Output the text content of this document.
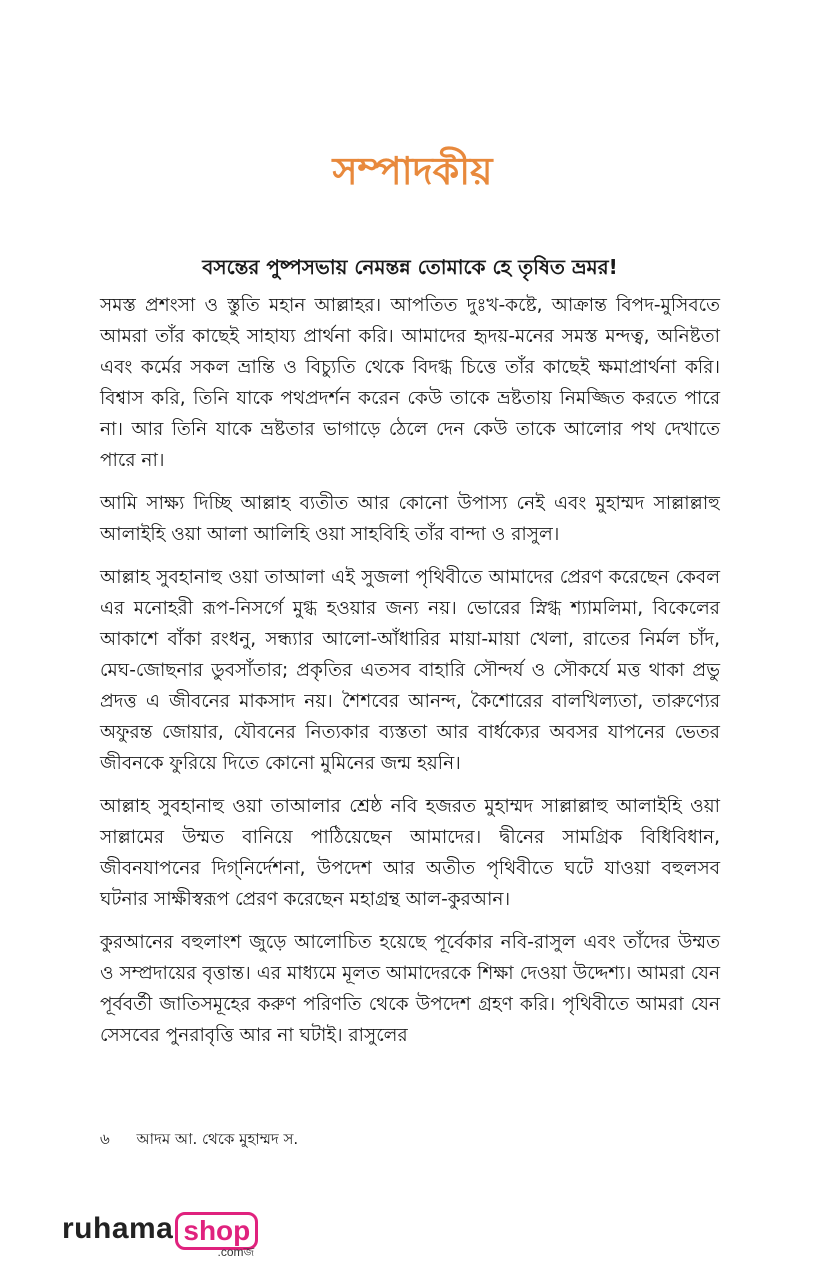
সম্পাদকীয়
বসন্তের পুষ্পসভায় নেমন্তন্ন তোমাকে হে তৃষিত ভ্রমর!

সমস্ত প্রশংসা ও স্তুতি মহান আল্লাহর। আপতিত দুঃখ-কষ্টে, আক্রান্ত বিপদ-মুসিবতে আমরা তাঁর কাছেই সাহায্য প্রার্থনা করি। আমাদের হৃদয়-মনের সমস্ত মন্দত্ব, অনিষ্টতা এবং কর্মের সকল ভ্রান্তি ও বিচ্যুতি থেকে বিদগ্ধ চিত্তে তাঁর কাছেই ক্ষমাপ্রার্থনা করি। বিশ্বাস করি, তিনি যাকে পথপ্রদর্শন করেন কেউ তাকে ভ্রষ্টতায় নিমজ্জিত করতে পারে না। আর তিনি যাকে ভ্রষ্টতার ভাগাড়ে ঠেলে দেন কেউ তাকে আলোর পথ দেখাতে পারে না।

আমি সাক্ষ্য দিচ্ছি আল্লাহ ব্যতীত আর কোনো উপাস্য নেই এবং মুহাম্মদ সাল্লাল্লাহু আলাইহি ওয়া আলা আলিহি ওয়া সাহবিহি তাঁর বান্দা ও রাসুল।

আল্লাহ সুবহানাহু ওয়া তাআলা এই সুজলা পৃথিবীতে আমাদের প্রেরণ করেছেন কেবল এর মনোহরী রূপ-নিসর্গে মুগ্ধ হওয়ার জন্য নয়। ভোরের স্নিগ্ধ শ্যামলিমা, বিকেলের আকাশে বাঁকা রংধনু, সন্ধ্যার আলো-আঁধারির মায়া-মায়া খেলা, রাতের নির্মল চাঁদ, মেঘ-জোছনার ডুবসাঁতার; প্রকৃতির এতসব বাহারি সৌন্দর্য ও সৌকর্যে মত্ত থাকা প্রভু প্রদত্ত এ জীবনের মাকসাদ নয়। শৈশবের আনন্দ, কৈশোরের বালখিল্যতা, তারুণ্যের অফুরন্ত জোয়ার, যৌবনের নিত্যকার ব্যস্ততা আর বার্ধক্যের অবসর যাপনের ভেতর জীবনকে ফুরিয়ে দিতে কোনো মুমিনের জন্ম হয়নি।

আল্লাহ সুবহানাহু ওয়া তাআলার শ্রেষ্ঠ নবি হজরত মুহাম্মদ সাল্লাল্লাহু আলাইহি ওয়া সাল্লামের উম্মত বানিয়ে পাঠিয়েছেন আমাদের। দ্বীনের সামগ্রিক বিধিবিধান, জীবনযাপনের দিগ্‌নির্দেশনা, উপদেশ আর অতীত পৃথিবীতে ঘটে যাওয়া বহুলসব ঘটনার সাক্ষীস্বরূপ প্রেরণ করেছেন মহাগ্রন্থ আল-কুরআন।

কুরআনের বহুলাংশ জুড়ে আলোচিত হয়েছে পূর্বেকার নবি-রাসুল এবং তাঁদের উম্মত ও সম্প্রদায়ের বৃত্তান্ত। এর মাধ্যমে মূলত আমাদেরকে শিক্ষা দেওয়া উদ্দেশ্য। আমরা যেন পূর্ববর্তী জাতিসমূহের করুণ পরিণতি থেকে উপদেশ গ্রহণ করি। পৃথিবীতে আমরা যেন সেসবের পুনরাবৃত্তি আর না ঘটাই। রাসুলের

৬ আদম আ. থেকে মুহাম্মদ স.
ruhama shop
.comজ
